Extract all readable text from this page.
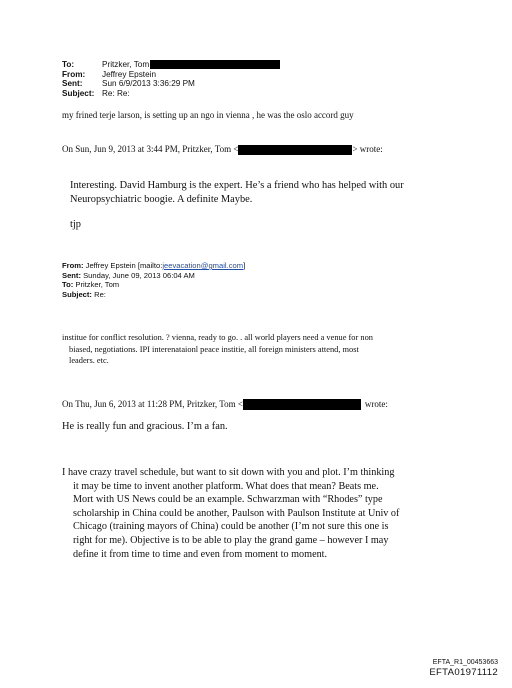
To:	Pritzker, Tom
From:	Jeffrey Epstein
Sent:	Sun 6/9/2013 3:36:29 PM
Subject: Re: Re:
my frined terje larson, is setting up an ngo in vienna , he was the oslo accord guy
On Sun, Jun 9, 2013 at 3:44 PM, Pritzker, Tom <	> wrote:
Interesting. David Hamburg is the expert. He’s a friend who has helped with our
Neuropsychiatric boogie. A definite Maybe.
tjp
From: Jeffrey Epstein [mailto:jeevacation@gmail.com]
Sent: Sunday, June 09, 2013 06:04 AM
To: Pritzker, Tom
Subject: Re:
institue for conflict resolution. ? vienna, ready to go. . all world players need a venue for non
biased, negotiations. IPI interenataionl peace institie, all foreign ministers attend, most
leaders. etc.
On Thu, Jun 6, 2013 at 11:28 PM, Pritzker, Tom <	wrote:
He is really fun and gracious. I’m a fan.
I have crazy travel schedule, but want to sit down with you and plot. I’m thinking
it may be time to invent another platform. What does that mean? Beats me.
Mort with US News could be an example. Schwarzman with “Rhodes” type
scholarship in China could be another, Paulson with Paulson Institute at Univ of
Chicago (training mayors of China) could be another (I’m not sure this one is
right for me). Objective is to be able to play the grand game – however I may
define it from time to time and even from moment to moment.
EFTA_R1_00453663
EFTA01971112
